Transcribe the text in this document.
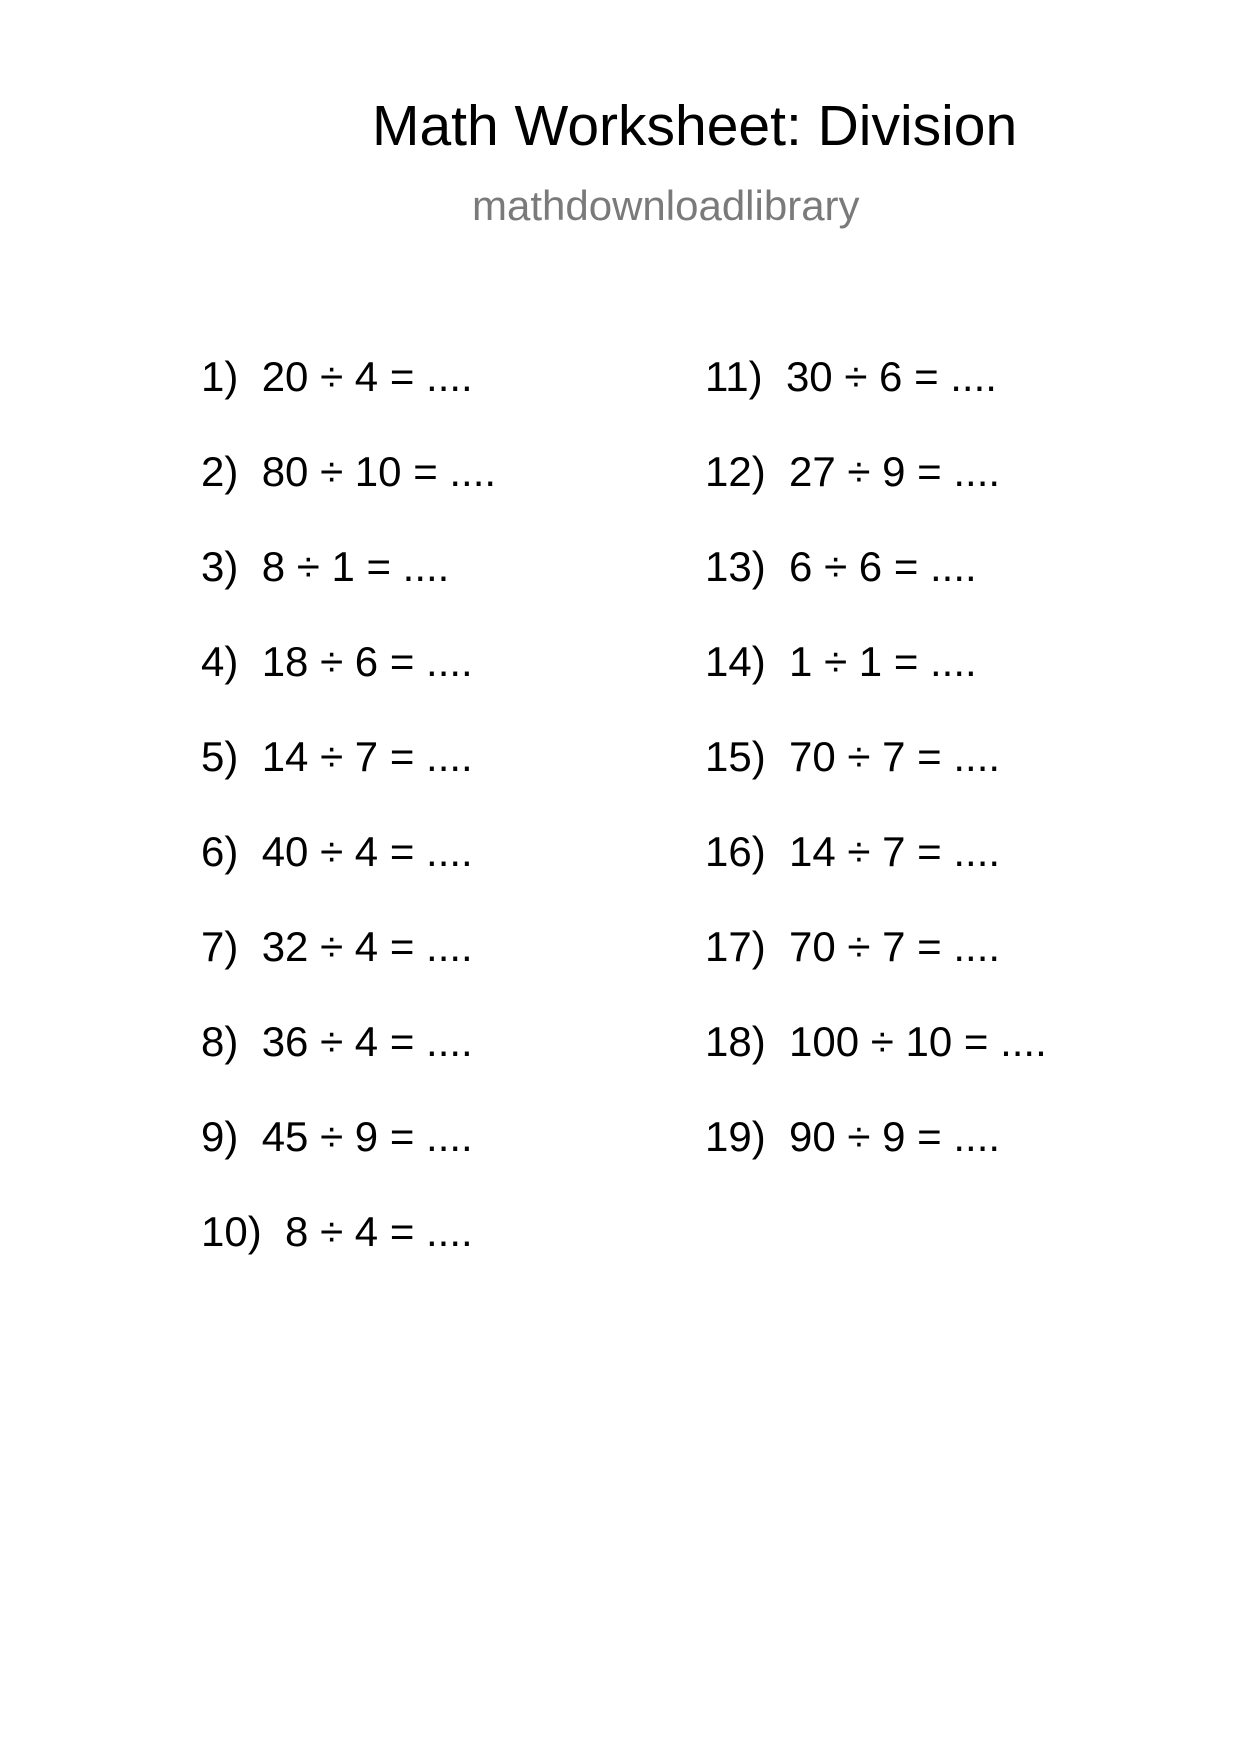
Math Worksheet: Division
mathdownloadlibrary
1) 20 ÷ 4 = ....
2) 80 ÷ 10 = ....
3) 8 ÷ 1 = ....
4) 18 ÷ 6 = ....
5) 14 ÷ 7 = ....
6) 40 ÷ 4 = ....
7) 32 ÷ 4 = ....
8) 36 ÷ 4 = ....
9) 45 ÷ 9 = ....
10) 8 ÷ 4 = ....
11) 30 ÷ 6 = ....
12) 27 ÷ 9 = ....
13) 6 ÷ 6 = ....
14) 1 ÷ 1 = ....
15) 70 ÷ 7 = ....
16) 14 ÷ 7 = ....
17) 70 ÷ 7 = ....
18) 100 ÷ 10 = ....
19) 90 ÷ 9 = ....
